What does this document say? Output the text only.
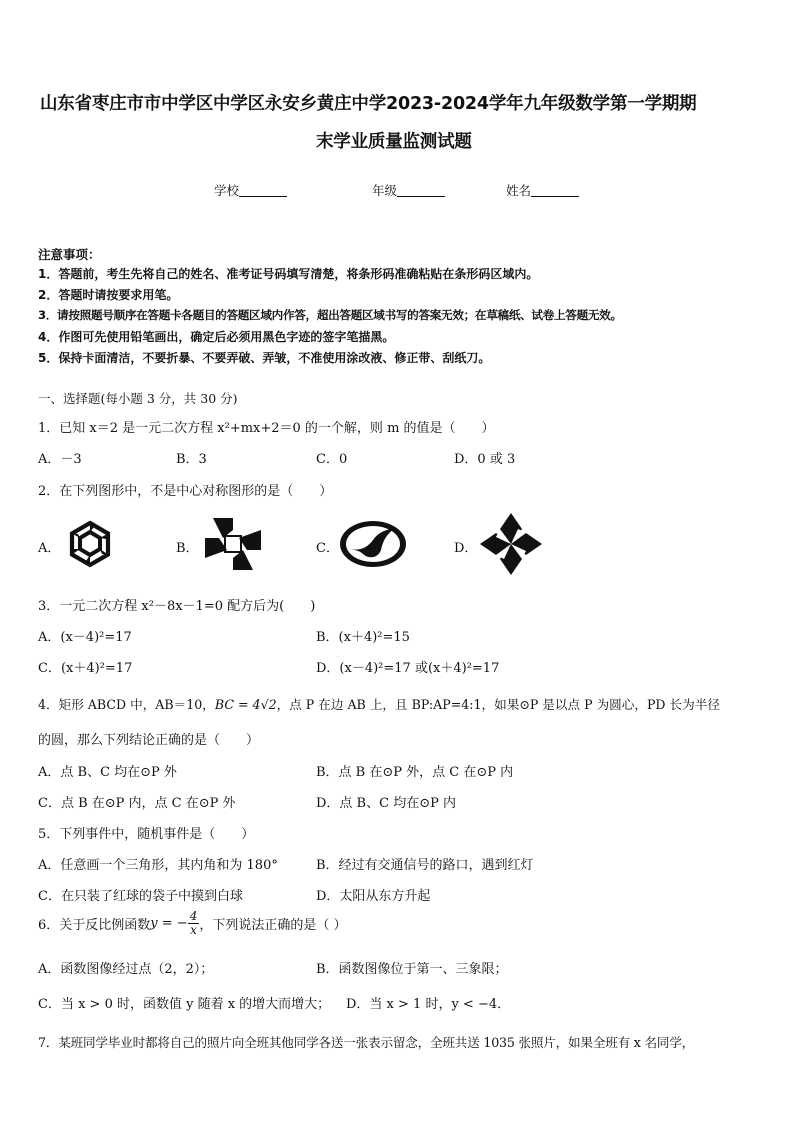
山东省枣庄市市中学区中学区永安乡黄庄中学2023-2024学年九年级数学第一学期期
末学业质量监测试题
学校	年级	姓名
注意事项：
1．答题前，考生先将自己的姓名、准考证号码填写清楚，将条形码准确粘贴在条形码区域内。
2．答题时请按要求用笔。
3．请按照题号顺序在答题卡各题目的答题区域内作答，超出答题区域书写的答案无效；在草稿纸、试卷上答题无效。
4．作图可先使用铅笔画出，确定后必须用黑色字迹的签字笔描黑。
5．保持卡面清洁，不要折暴、不要弄破、弄皱，不准使用涂改液、修正带、刮纸刀。
一、选择题(每小题 3 分，共 30 分)
1．已知 x＝2 是一元二次方程 x²+mx+2＝0 的一个解，则 m 的值是（　　）
A．－3	B．3	C．0	D．0 或 3
2．在下列图形中，不是中心对称图形的是（　　）
A．	B．	C．	D．
3．一元二次方程 x²－8x－1=0 配方后为(　　)
A．(x－4)²=17	B．(x＋4)²=15
C．(x＋4)²=17	D．(x－4)²=17 或(x＋4)²=17
4．矩形 ABCD 中，AB＝10，BC = 4√2，点 P 在边 AB 上，且 BP:AP=4:1，如果⊙P 是以点 P 为圆心，PD 长为半径
的圆，那么下列结论正确的是（　　）
A．点 B、C 均在⊙P 外	B．点 B 在⊙P 外，点 C 在⊙P 内
C．点 B 在⊙P 内，点 C 在⊙P 外	D．点 B、C 均在⊙P 内
5．下列事件中，随机事件是（　　）
A．任意画一个三角形，其内角和为 180°	B．经过有交通信号的路口，遇到红灯
C．在只装了红球的袋子中摸到白球	D．太阳从东方升起
6．关于反比例函数y = − $\frac{4}{x}$ ，下列说法正确的是（ ）
A．函数图像经过点（2，2）；	B．函数图像位于第一、三象限；
C．当 x > 0 时，函数值 y 随着 x 的增大而增大； D．当 x > 1 时，y < −4．
7．某班同学毕业时都将自己的照片向全班其他同学各送一张表示留念，全班共送 1035 张照片，如果全班有 x 名同学，
